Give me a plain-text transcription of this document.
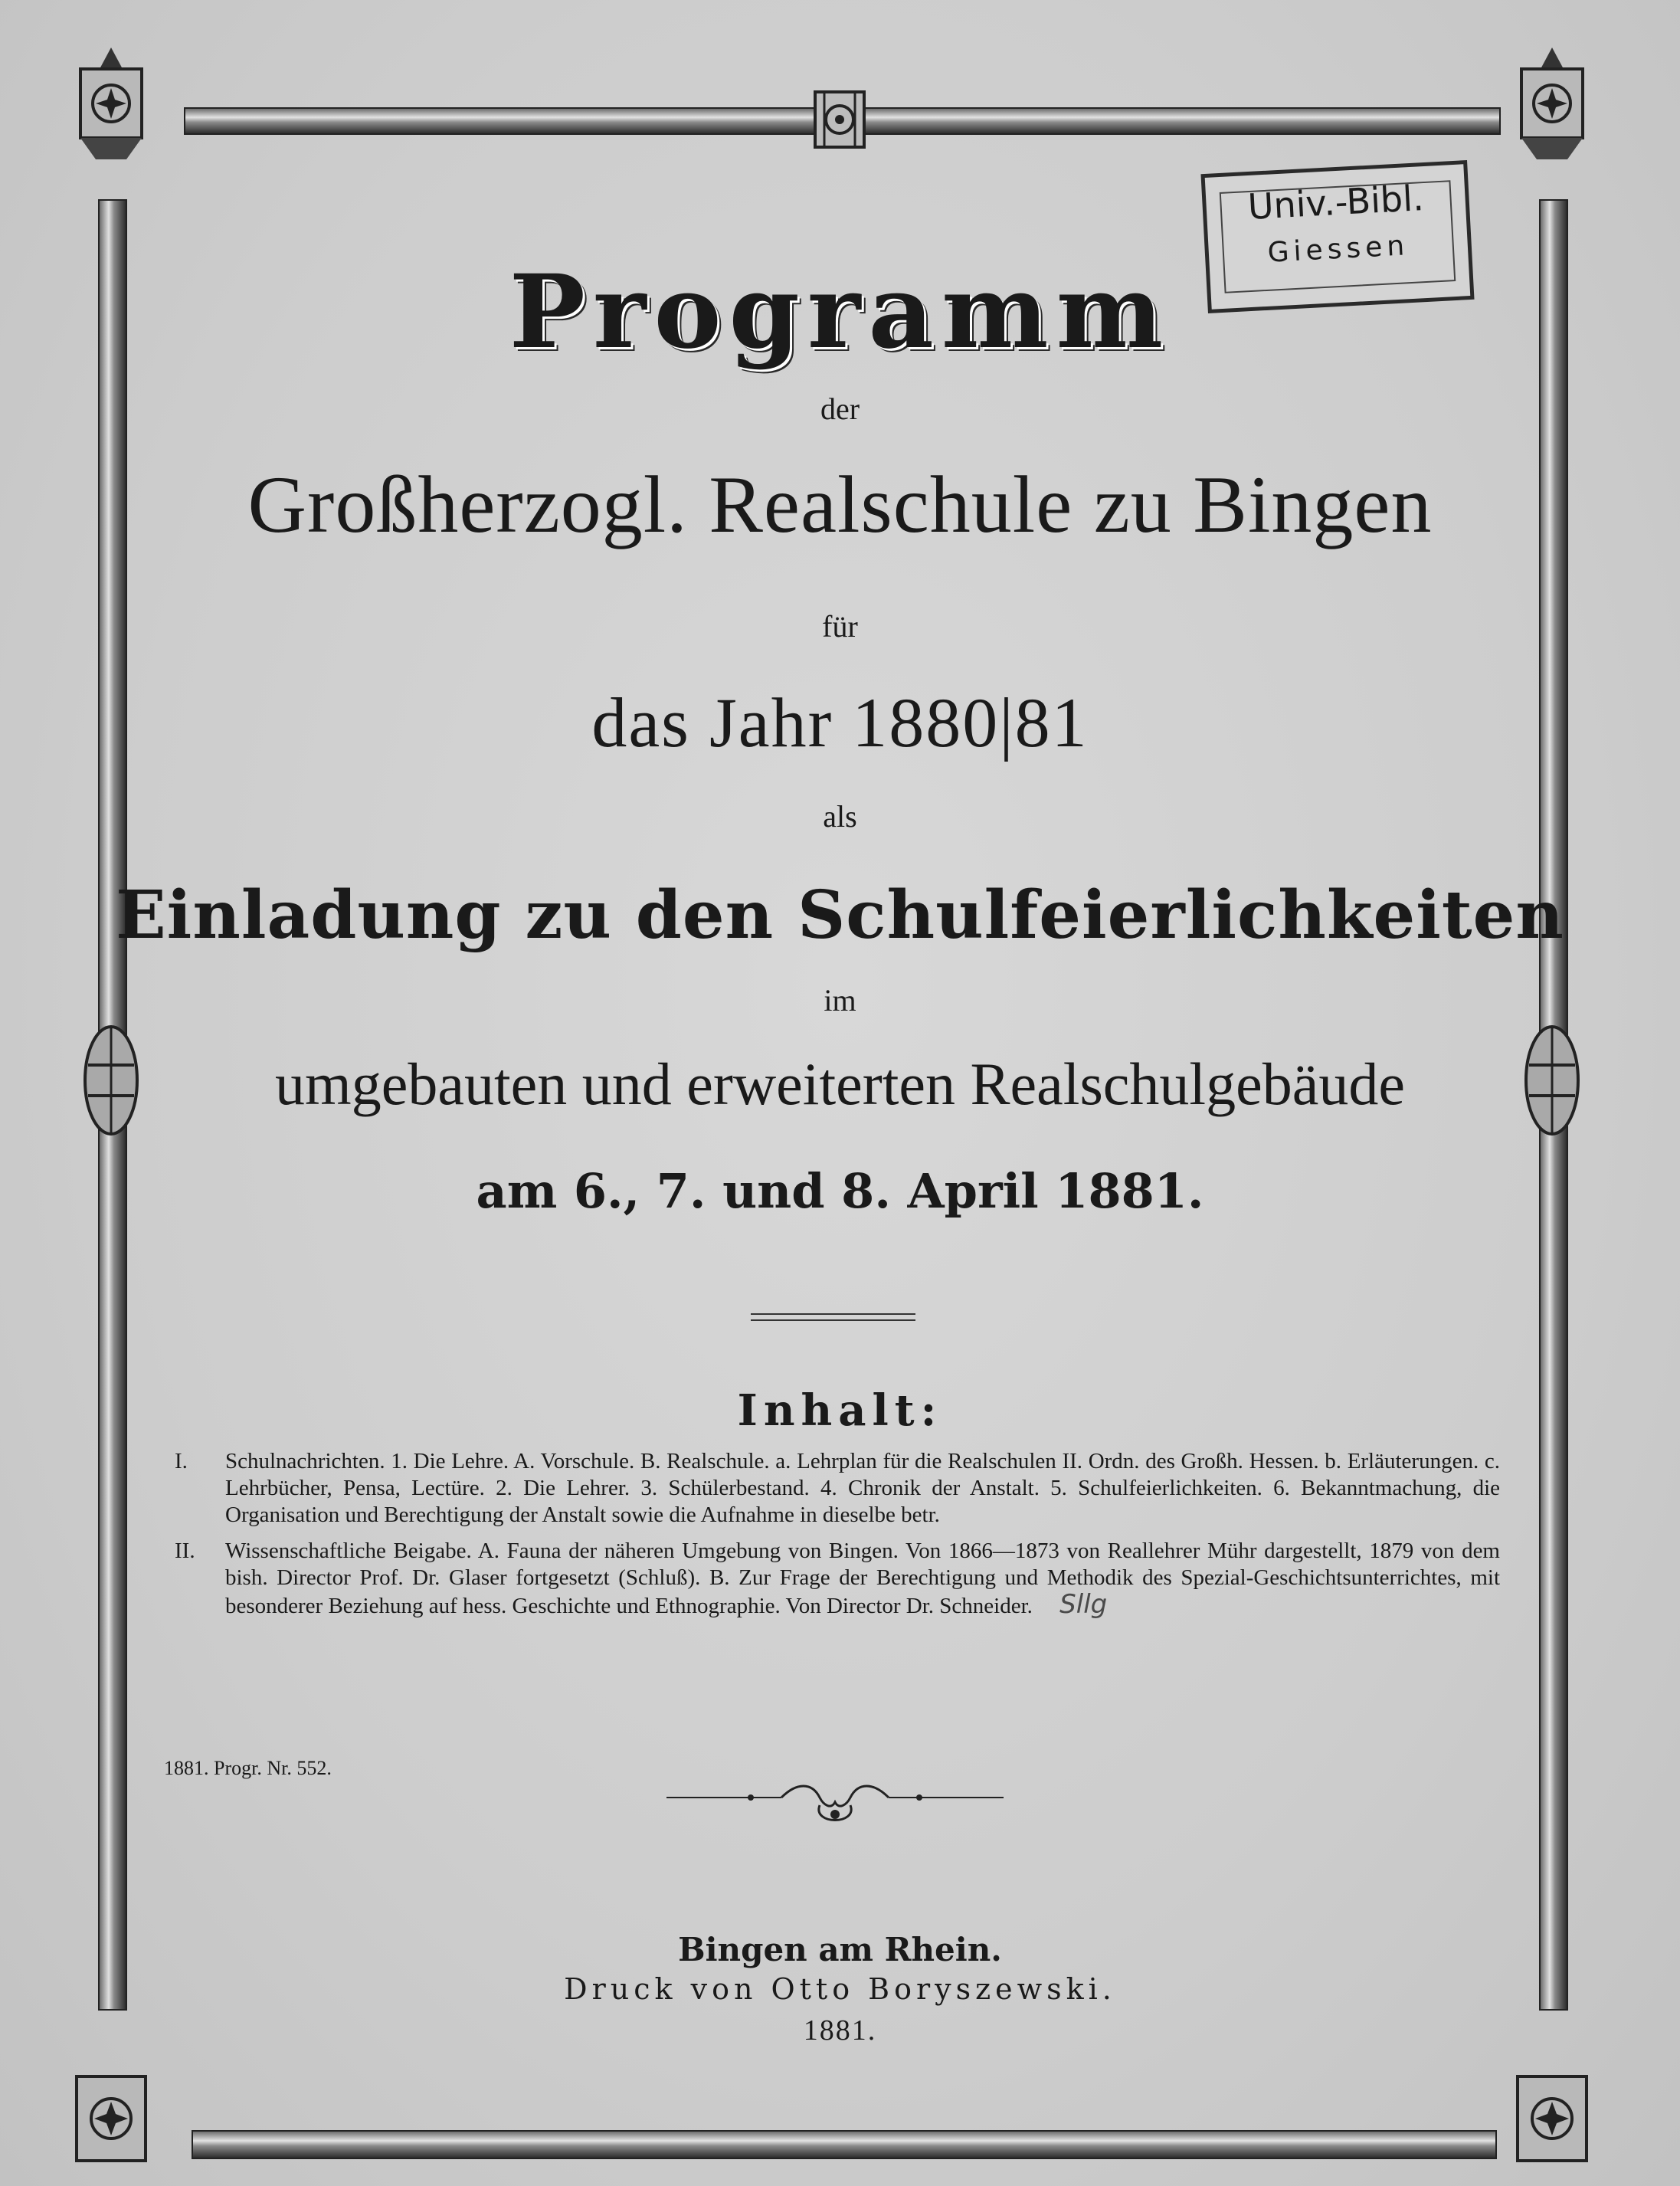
Univ.-Bibl.
Giessen
Programm
der
Großherzogl. Realschule zu Bingen
für
das Jahr 1880|81
als
Einladung zu den Schulfeierlichkeiten
im
umgebauten und erweiterten Realschulgebäude
am 6., 7. und 8. April 1881.
Inhalt:
I. Schulnachrichten. 1. Die Lehre. A. Vorschule. B. Realschule. a. Lehrplan für die Realschulen II. Ordn. des Großh. Hessen. b. Erläuterungen. c. Lehrbücher, Pensa, Lectüre. 2. Die Lehrer. 3. Schülerbestand. 4. Chronik der Anstalt. 5. Schulfeierlichkeiten. 6. Bekanntmachung, die Organisation und Berechtigung der Anstalt sowie die Aufnahme in dieselbe betr.
II. Wissenschaftliche Beigabe. A. Fauna der näheren Umgebung von Bingen. Von 1866—1873 von Reallehrer Mühr dargestellt, 1879 von dem bish. Director Prof. Dr. Glaser fortgesetzt (Schluß). B. Zur Frage der Berechtigung und Methodik des Spezial-Geschichtsunterrichtes, mit besonderer Beziehung auf hess. Geschichte und Ethnographie. Von Director Dr. Schneider. Sllg
1881. Progr. Nr. 552.
Bingen am Rhein.
Druck von Otto Boryszewski.
1881.
